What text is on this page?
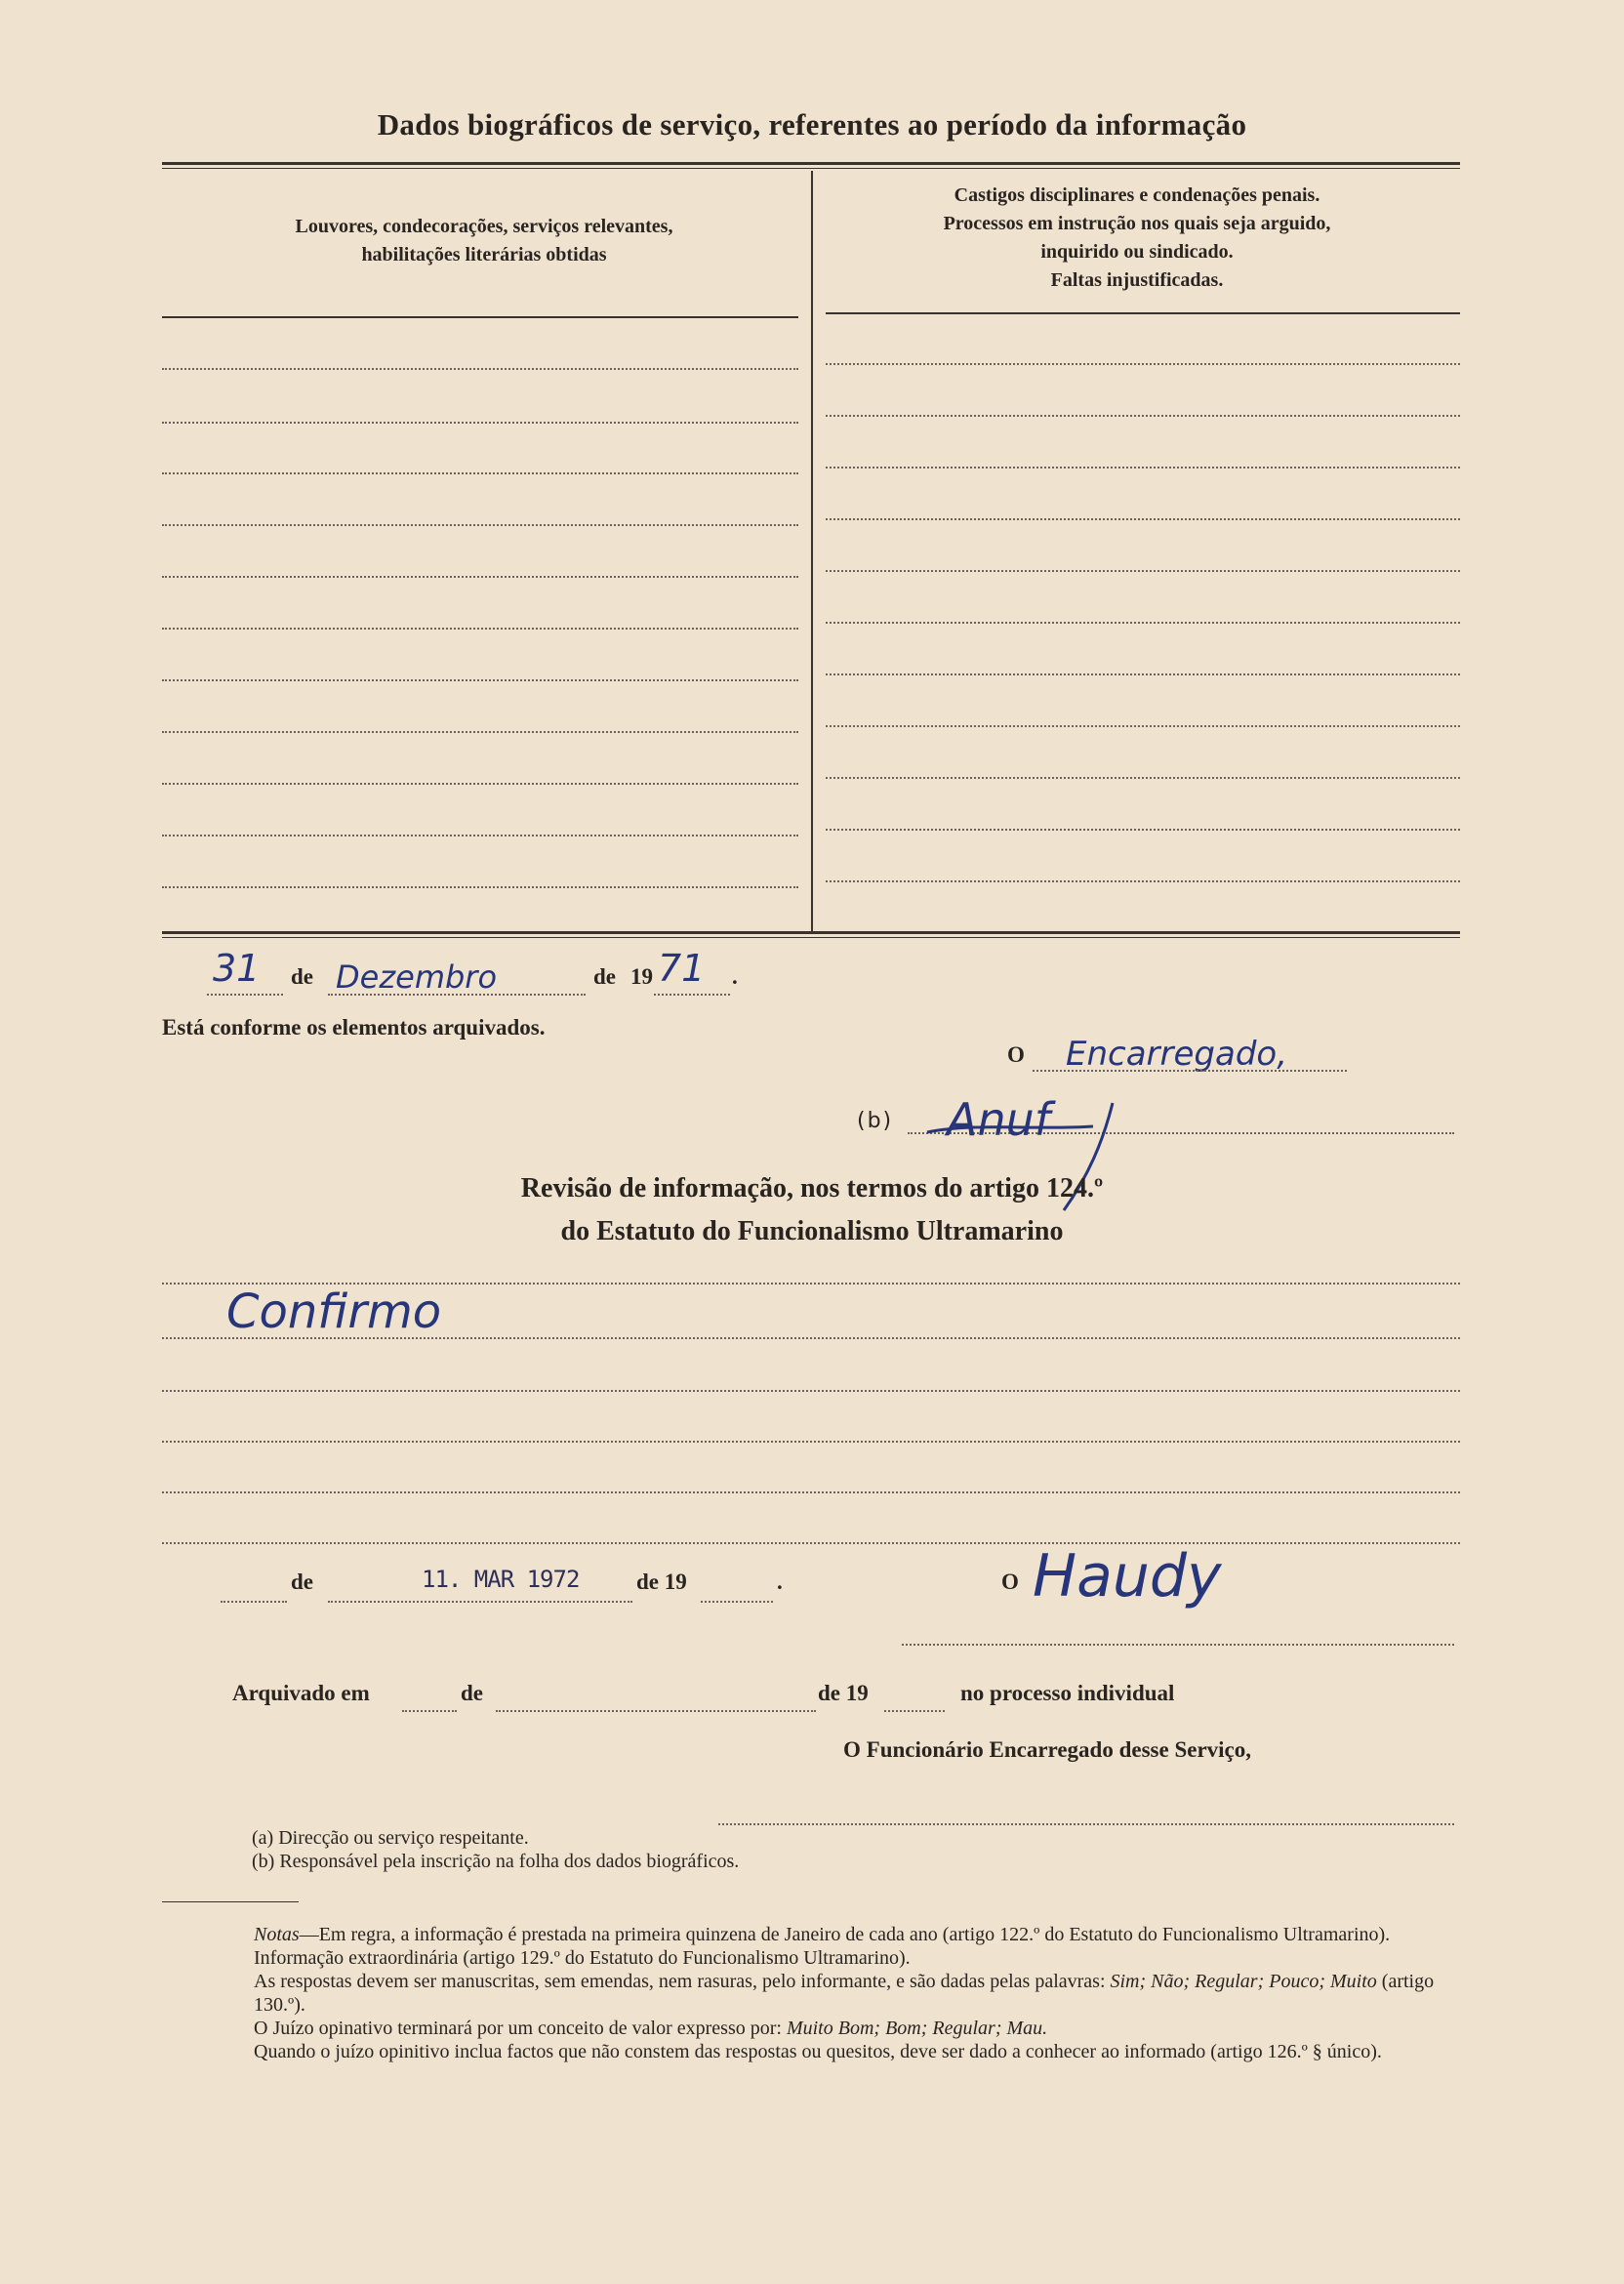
Dados biográficos de serviço, referentes ao período da informação
Louvores, condecorações, serviços relevantes,
habilitações literárias obtidas
Castigos disciplinares e condenações penais.
Processos em instrução nos quais seja arguido,
inquirido ou sindicado.
Faltas injustificadas.
31 de Dezembro	de 19 71 .
Está conforme os elementos arquivados.
O Encarregado,
(b) Anuf
Revisão de informação, nos termos do artigo 124.º
do Estatuto do Funcionalismo Ultramarino
Confirmo
de	11. MAR 1972	de 19	.	O Haudy
Arquivado em	de	de 19	no processo individual
O Funcionário Encarregado desse Serviço,
(a) Direcção ou serviço respeitante.
(b) Responsável pela inscrição na folha dos dados biográficos.

Notas—Em regra, a informação é prestada na primeira quinzena de Janeiro de cada ano (artigo 122.º do Estatuto do Funcionalismo Ultramarino).

Informação extraordinária (artigo 129.º do Estatuto do Funcionalismo Ultramarino).

As respostas devem ser manuscritas, sem emendas, nem rasuras, pelo informante, e são dadas pelas palavras: Sim; Não; Regular; Pouco; Muito (artigo 130.º).

O Juízo opinativo terminará por um conceito de valor expresso por: Muito Bom; Bom; Regular; Mau.

Quando o juízo opinitivo inclua factos que não constem das respostas ou quesitos, deve ser dado a conhecer ao informado (artigo 126.º § único).
